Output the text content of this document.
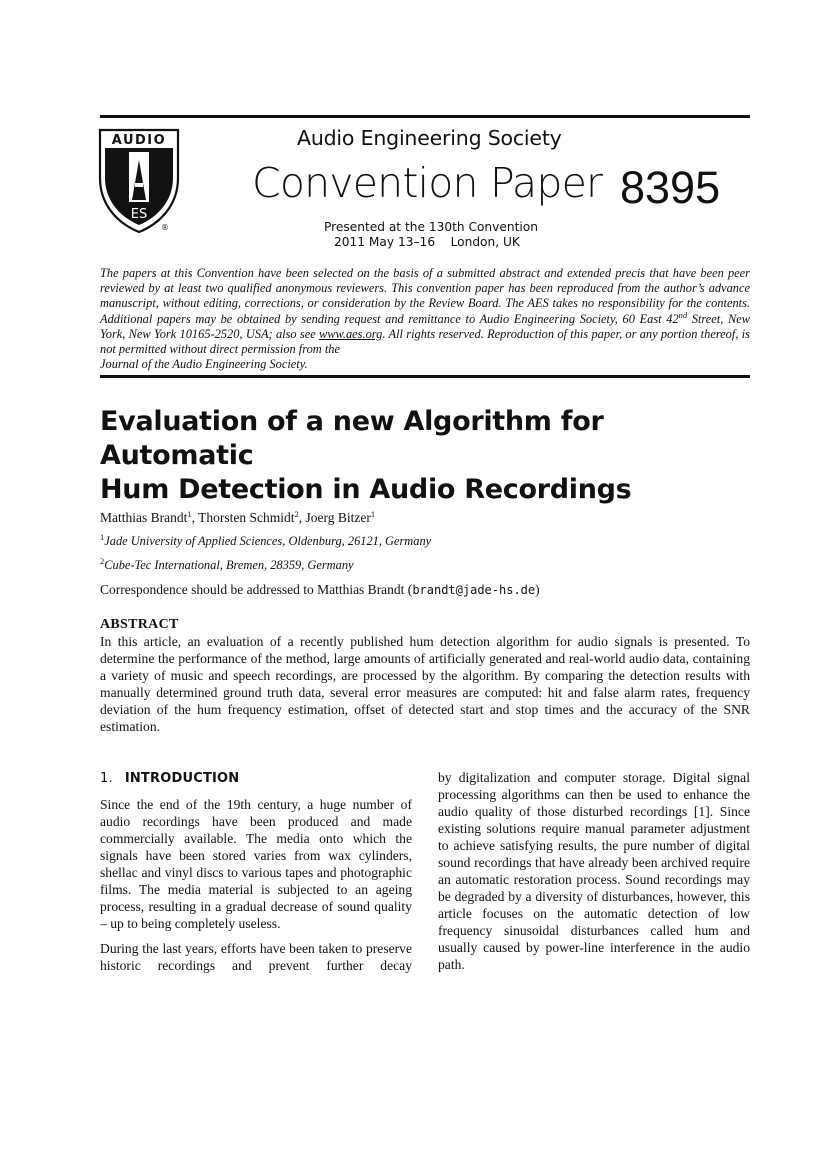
AUDIO
ES
®
Audio Engineering Society
Convention Paper 8395
Presented at the 130th Convention
2011 May 13–16    London, UK

The papers at this Convention have been selected on the basis of a submitted abstract and extended precis that have been peer reviewed by at least two qualified anonymous reviewers. This convention paper has been reproduced from the author’s advance manuscript, without editing, corrections, or consideration by the Review Board. The AES takes no responsibility for the contents. Additional papers may be obtained by sending request and remittance to Audio Engineering Society, 60 East 42nd Street, New York, New York 10165-2520, USA; also see www.aes.org. All rights reserved. Reproduction of this paper, or any portion thereof, is not permitted without direct permission from the
Journal of the Audio Engineering Society.

Evaluation of a new Algorithm for Automatic
Hum Detection in Audio Recordings
Matthias Brandt$^1$, Thorsten Schmidt$^2$, Joerg Bitzer$^1$
$^1$Jade University of Applied Sciences, Oldenburg, 26121, Germany
$^2$Cube-Tec International, Bremen, 28359, Germany
Correspondence should be addressed to Matthias Brandt (brandt@jade-hs.de)
ABSTRACT

In this article, an evaluation of a recently published hum detection algorithm for audio signals is presented. To determine the performance of the method, large amounts of artificially generated and real-world audio data, containing a variety of music and speech recordings, are processed by the algorithm. By comparing the detection results with manually determined ground truth data, several error measures are computed: hit and false alarm rates, frequency deviation of the hum frequency estimation, offset of detected start and stop times and the accuracy of the SNR estimation.

1. INTRODUCTION

Since the end of the 19th century, a huge number of audio recordings have been produced and made commercially available. The media onto which the signals have been stored varies from wax cylinders, shellac and vinyl discs to various tapes and photographic films. The media material is subjected to an ageing process, resulting in a gradual decrease of sound quality – up to being completely useless.

During the last years, efforts have been taken to preserve historic recordings and prevent further decay

by digitalization and computer storage. Digital signal processing algorithms can then be used to enhance the audio quality of those disturbed recordings [1]. Since existing solutions require manual parameter adjustment to achieve satisfying results, the pure number of digital sound recordings that have already been archived require an automatic restoration process. Sound recordings may be degraded by a diversity of disturbances, however, this article focuses on the automatic detection of low frequency sinusoidal disturbances called hum and usually caused by power-line interference in the audio path.
